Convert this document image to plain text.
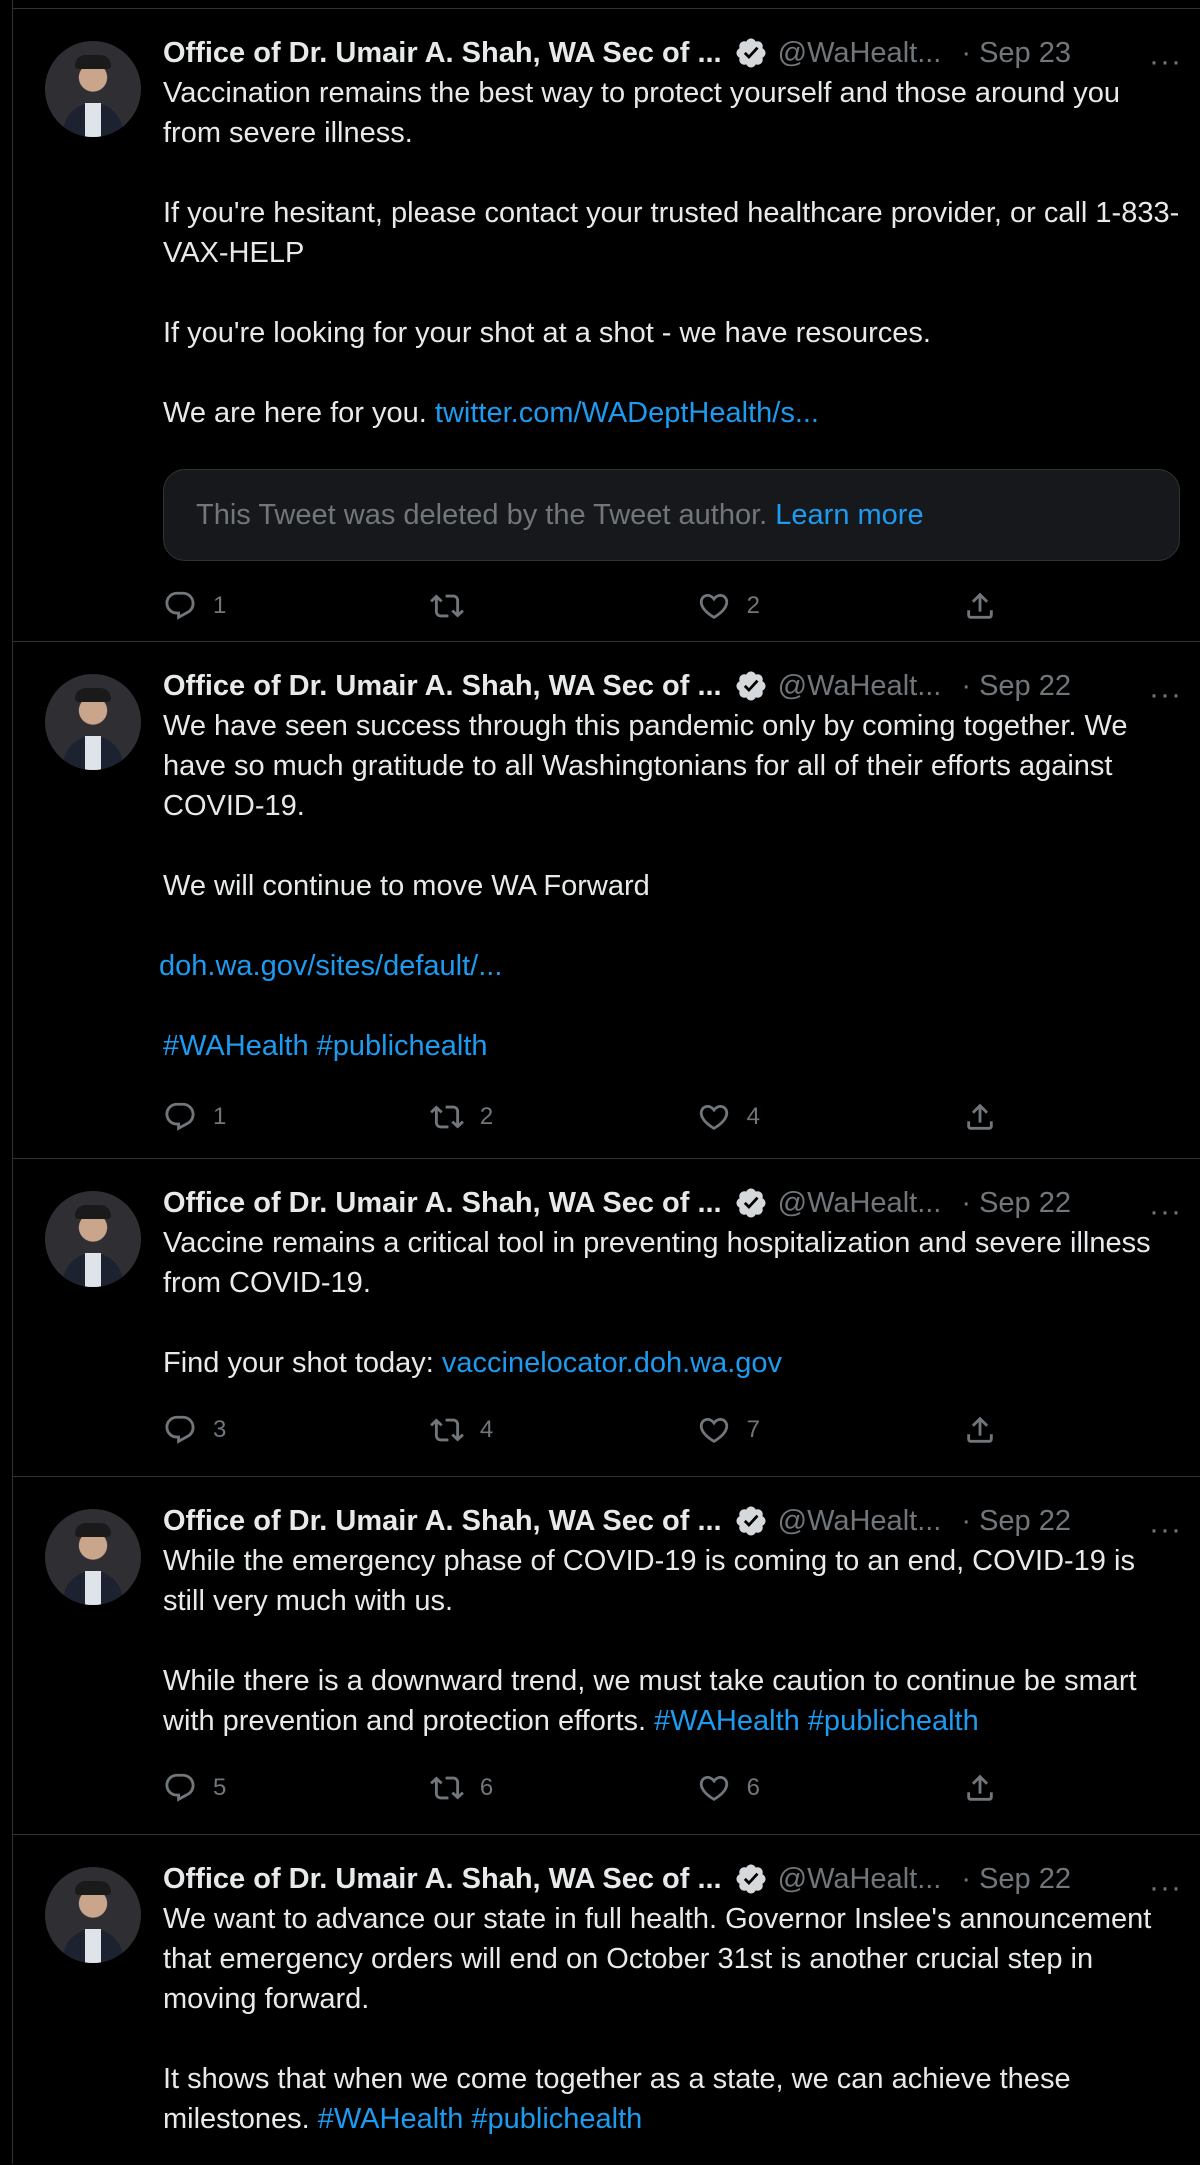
Office of Dr. Umair A. Shah, WA Sec of ... @WaHealt... · Sep 23

Vaccination remains the best way to protect yourself and those around you from severe illness.

If you're hesitant, please contact your trusted healthcare provider, or call 1-833-VAX-HELP

If you're looking for your shot at a shot - we have resources.

We are here for you. twitter.com/WADeptHealth/s...

This Tweet was deleted by the Tweet author.
Learn more
1	2
···
Office of Dr. Umair A. Shah, WA Sec of ... @WaHealt... · Sep 22

We have seen success through this pandemic only by coming together. We have so much gratitude to all Washingtonians for all of their efforts against COVID-19.

We will continue to move WA Forward

doh.wa.gov/sites/default/...

#WAHealth #publichealth

1	2	4
···
Office of Dr. Umair A. Shah, WA Sec of ... @WaHealt... · Sep 22

Vaccine remains a critical tool in preventing hospitalization and severe illness from COVID-19.

Find your shot today: vaccinelocator.doh.wa.gov

3	4	7
···
Office of Dr. Umair A. Shah, WA Sec of ... @WaHealt... · Sep 22

While the emergency phase of COVID-19 is coming to an end, COVID-19 is still very much with us.

While there is a downward trend, we must take caution to continue be smart with prevention and protection efforts. #WAHealth #publichealth

5	6	6
···
Office of Dr. Umair A. Shah, WA Sec of ... @WaHealt... · Sep 22

We want to advance our state in full health. Governor Inslee's announcement that emergency orders will end on October 31st is another crucial step in moving forward.

It shows that when we come together as a state, we can achieve these milestones. #WAHealth #publichealth

···
